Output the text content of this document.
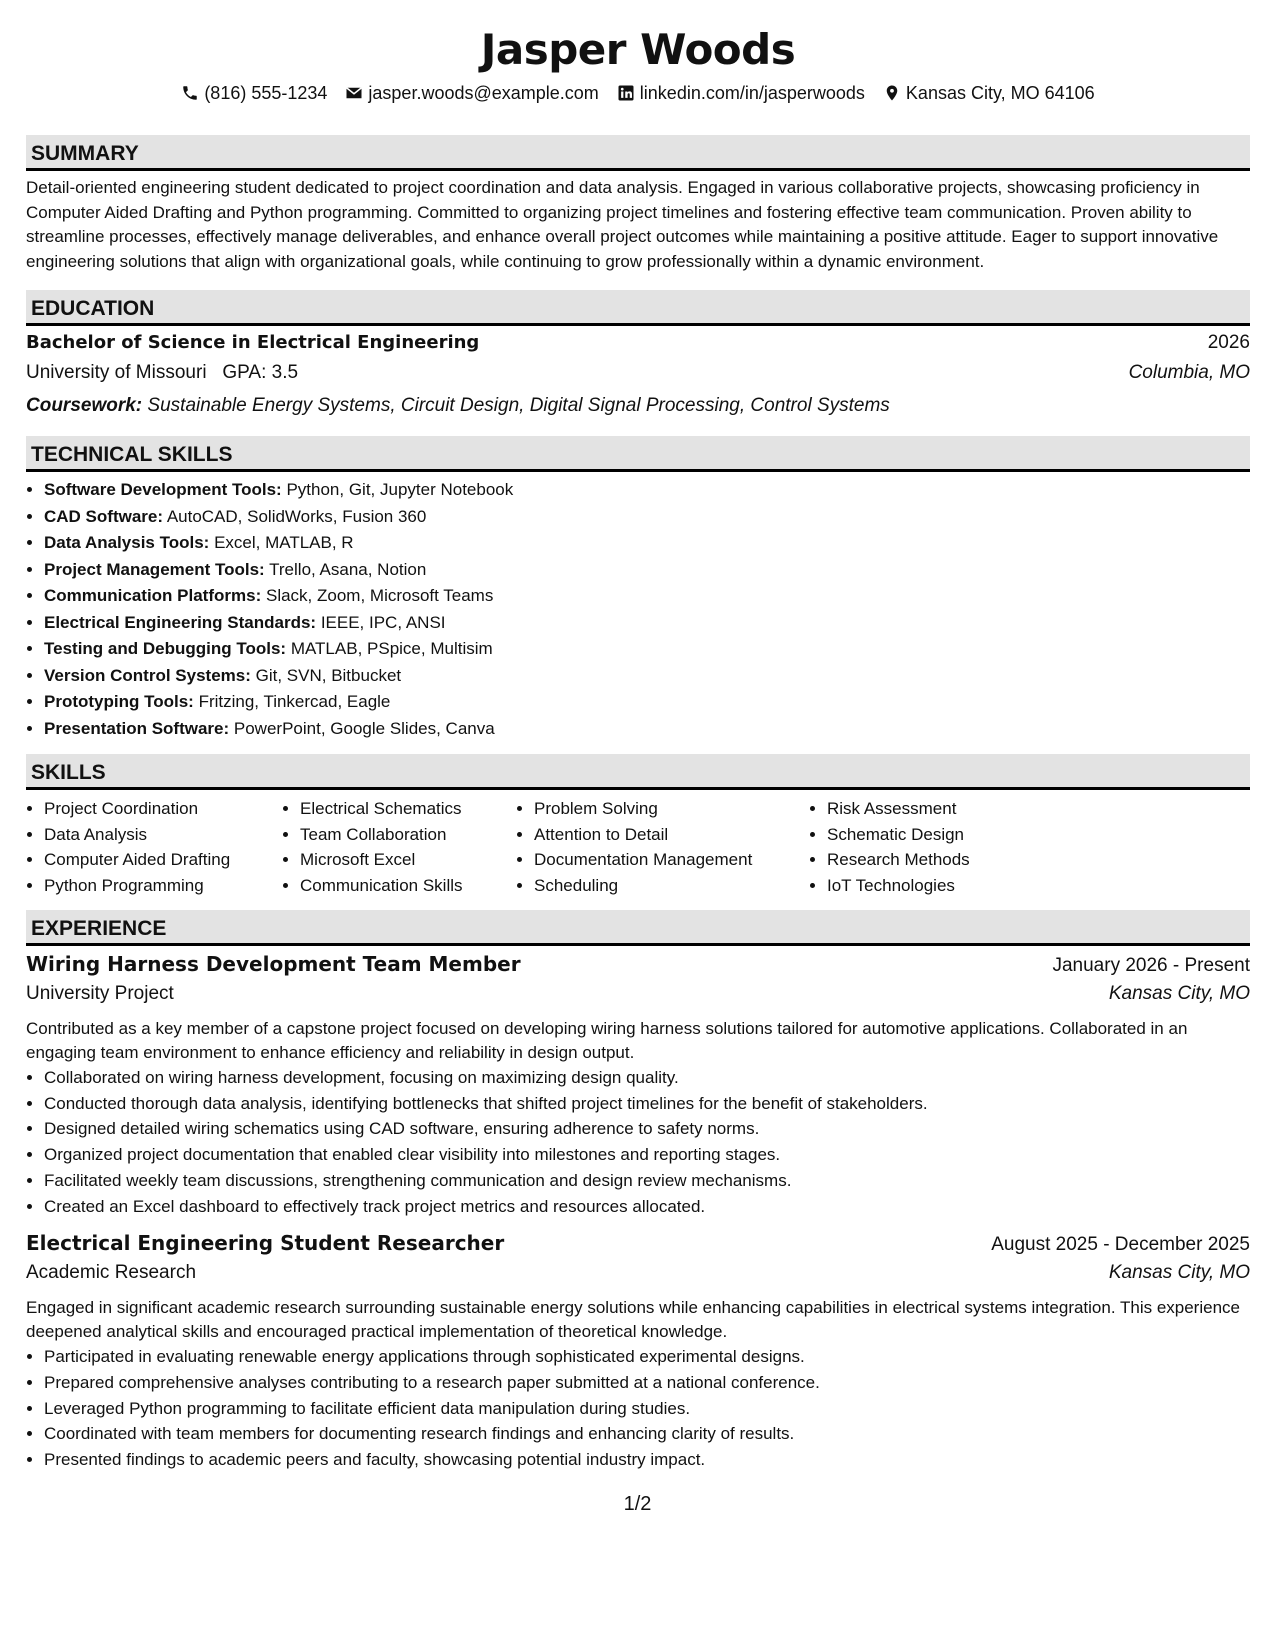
Jasper Woods
(816) 555-1234 jasper.woods@example.com linkedin.com/in/jasperwoods Kansas City, MO 64106
SUMMARY
Detail-oriented engineering student dedicated to project coordination and data analysis. Engaged in various collaborative projects, showcasing proficiency in Computer Aided Drafting and Python programming. Committed to organizing project timelines and fostering effective team communication. Proven ability to streamline processes, effectively manage deliverables, and enhance overall project outcomes while maintaining a positive attitude. Eager to support innovative engineering solutions that align with organizational goals, while continuing to grow professionally within a dynamic environment.
EDUCATION
Bachelor of Science in Electrical Engineering	2026
University of Missouri GPA: 3.5	Columbia, MO
Coursework: Sustainable Energy Systems, Circuit Design, Digital Signal Processing, Control Systems
TECHNICAL SKILLS
• Software Development Tools: Python, Git, Jupyter Notebook
• CAD Software: AutoCAD, SolidWorks, Fusion 360
• Data Analysis Tools: Excel, MATLAB, R
• Project Management Tools: Trello, Asana, Notion
• Communication Platforms: Slack, Zoom, Microsoft Teams
• Electrical Engineering Standards: IEEE, IPC, ANSI
• Testing and Debugging Tools: MATLAB, PSpice, Multisim
• Version Control Systems: Git, SVN, Bitbucket
• Prototyping Tools: Fritzing, Tinkercad, Eagle
• Presentation Software: PowerPoint, Google Slides, Canva
SKILLS
• Project Coordination
• Data Analysis
• Computer Aided Drafting
• Python Programming
• Electrical Schematics
• Team Collaboration
• Microsoft Excel
• Communication Skills
• Problem Solving
• Attention to Detail
• Documentation Management
• Scheduling
• Risk Assessment
• Schematic Design
• Research Methods
• IoT Technologies
EXPERIENCE
Wiring Harness Development Team Member	January 2026 - Present
University Project	Kansas City, MO
Contributed as a key member of a capstone project focused on developing wiring harness solutions tailored for automotive applications. Collaborated in an engaging team environment to enhance efficiency and reliability in design output.
• Collaborated on wiring harness development, focusing on maximizing design quality.
• Conducted thorough data analysis, identifying bottlenecks that shifted project timelines for the benefit of stakeholders.
• Designed detailed wiring schematics using CAD software, ensuring adherence to safety norms.
• Organized project documentation that enabled clear visibility into milestones and reporting stages.
• Facilitated weekly team discussions, strengthening communication and design review mechanisms.
• Created an Excel dashboard to effectively track project metrics and resources allocated.
Electrical Engineering Student Researcher	August 2025 - December 2025
Academic Research	Kansas City, MO
Engaged in significant academic research surrounding sustainable energy solutions while enhancing capabilities in electrical systems integration. This experience deepened analytical skills and encouraged practical implementation of theoretical knowledge.
• Participated in evaluating renewable energy applications through sophisticated experimental designs.
• Prepared comprehensive analyses contributing to a research paper submitted at a national conference.
• Leveraged Python programming to facilitate efficient data manipulation during studies.
• Coordinated with team members for documenting research findings and enhancing clarity of results.
• Presented findings to academic peers and faculty, showcasing potential industry impact.
1/2
